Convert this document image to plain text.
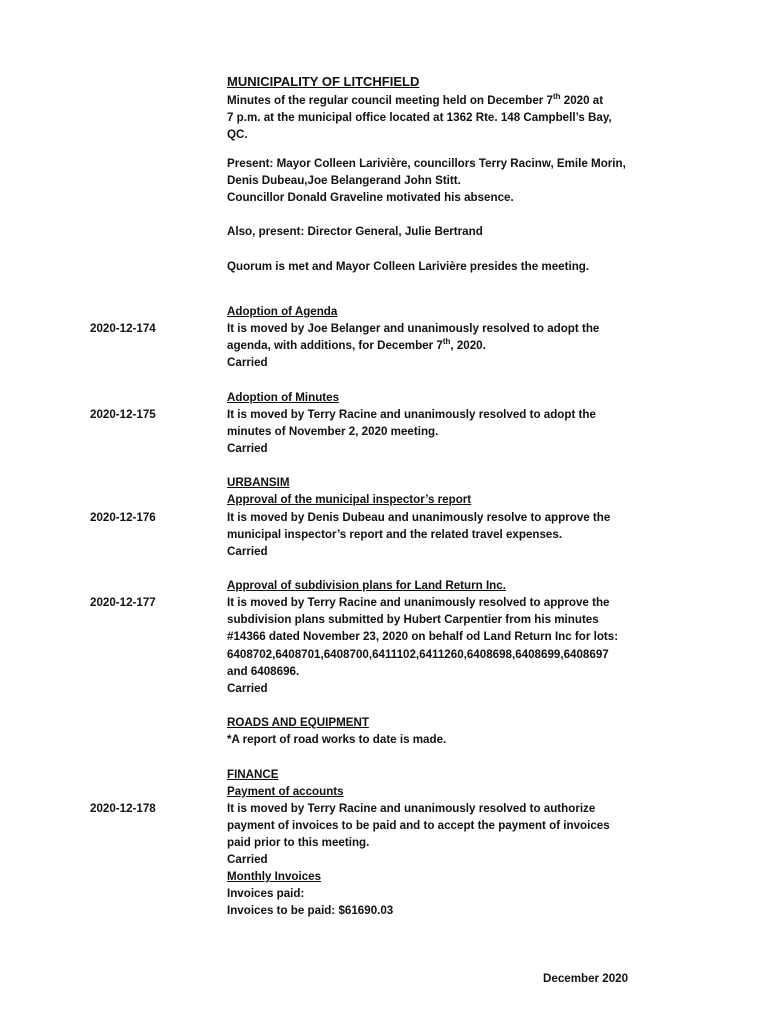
MUNICIPALITY OF LITCHFIELD
Minutes of the regular council meeting held on December 7th 2020 at
7 p.m. at the municipal office located at 1362 Rte. 148 Campbell’s Bay,
QC.
Present: Mayor Colleen Larivière, councillors Terry Racinw, Emile Morin,
Denis Dubeau,Joe Belangerand John Stitt.
Councillor Donald Graveline motivated his absence.
Also, present: Director General, Julie Bertrand
Quorum is met and Mayor Colleen Larivière presides the meeting.
Adoption of Agenda
2020-12-174	It is moved by Joe Belanger and unanimously resolved to adopt the
agenda, with additions, for December 7th, 2020.
Carried
Adoption of Minutes
2020-12-175	It is moved by Terry Racine and unanimously resolved to adopt the
minutes of November 2, 2020 meeting.
Carried
URBANSIM
Approval of the municipal inspector’s report
2020-12-176	It is moved by Denis Dubeau and unanimously resolve to approve the
municipal inspector’s report and the related travel expenses.
Carried
Approval of subdivision plans for Land Return Inc.
2020-12-177	It is moved by Terry Racine and unanimously resolved to approve the
subdivision plans submitted by Hubert Carpentier from his minutes
#14366 dated November 23, 2020 on behalf od Land Return Inc for lots:
6408702,6408701,6408700,6411102,6411260,6408698,6408699,6408697
and 6408696.
Carried
ROADS AND EQUIPMENT
*A report of road works to date is made.
FINANCE
Payment of accounts
2020-12-178	It is moved by Terry Racine and unanimously resolved to authorize
payment of invoices to be paid and to accept the payment of invoices
paid prior to this meeting.
Carried
Monthly Invoices
Invoices paid:
Invoices to be paid: $61690.03
December 2020
